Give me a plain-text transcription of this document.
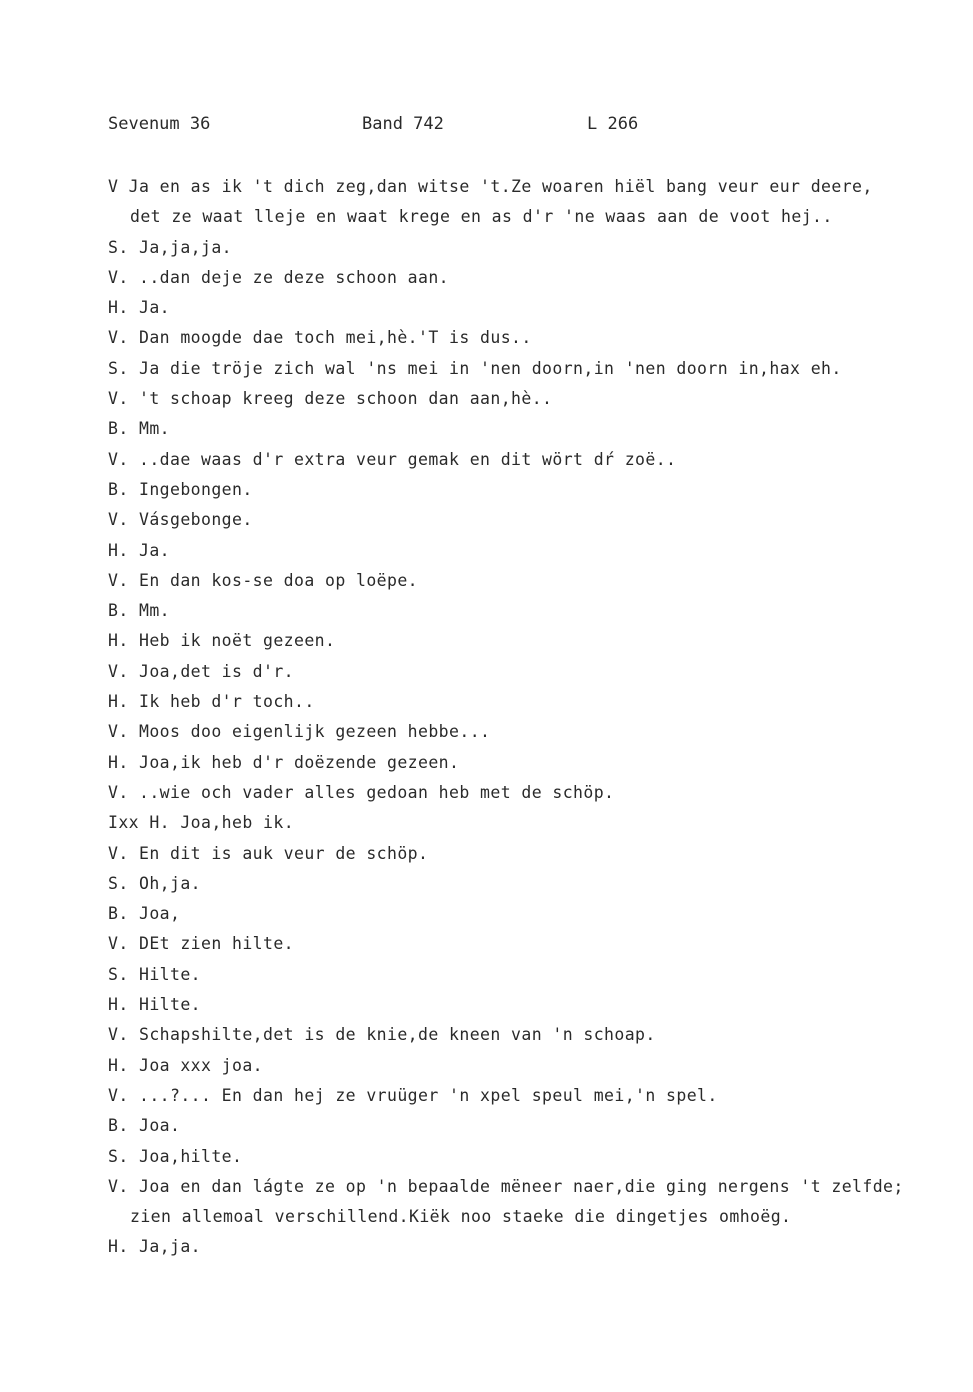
Sevenum 36	Band 742	L 266
V Ja en as ik 't dich zeg,dan witse 't.Ze woaren hiël bang veur eur deere,
det ze waat lleje en waat krege en as d'r 'ne waas aan de voot hej..
S. Ja,ja,ja.
V. ..dan deje ze deze schoon aan.
H. Ja.
V. Dan moogde dae toch mei,hè.'T is dus..
S. Ja die tröje zich wal 'ns mei in 'nen doorn,in 'nen doorn in,hax eh.
V. 't schoap kreeg deze schoon dan aan,hè..
B. Mm.
V. ..dae waas d'r extra veur gemak en dit wört dŕ zoë..
B. Ingebongen.
V. Vásgebonge.
H. Ja.
V. En dan kos-se doa op loëpe.
B. Mm.
H. Heb ik noët gezeen.
V. Joa,det is d'r.
H. Ik heb d'r toch..
V. Moos doo eigenlijk gezeen hebbe...
H. Joa,ik heb d'r doëzende gezeen.
V. ..wie och vader alles gedoan heb met de schöp.
Ixx H. Joa,heb ik.
V. En dit is auk veur de schöp.
S. Oh,ja.
B. Joa,
V. DEt zien hilte.
S. Hilte.
H. Hilte.
V. Schapshilte,det is de knie,de kneen van 'n schoap.
H. Joa xxx joa.
V. ...?... En dan hej ze vruüger 'n xpel speul mei,'n spel.
B. Joa.
S. Joa,hilte.
V. Joa en dan lágte ze op 'n bepaalde mëneer naer,die ging nergens 't zelfde;
zien allemoal verschillend.Kiëk noo staeke die dingetjes omhoëg.
H. Ja,ja.
